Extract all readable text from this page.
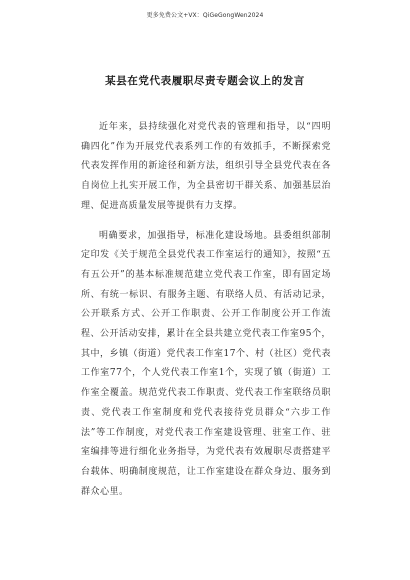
更多免费公文+VX：QiGeGongWen2024
某县在党代表履职尽责专题会议上的发言

近年来，县持续强化对党代表的管理和指导，以“四明确四化”作为开展党代表系列工作的有效抓手，不断探索党代表发挥作用的新途径和新方法，组织引导全县党代表在各自岗位上扎实开展工作，为全县密切干群关系、加强基层治理、促进高质量发展等提供有力支撑。

明确要求，加强指导，标准化建设场地。县委组织部制定印发《关于规范全县党代表工作室运行的通知》，按照“五有五公开”的基本标准规范建立党代表工作室，即有固定场所、有统一标识、有服务主题、有联络人员、有活动记录，公开联系方式、公开工作职责、公开工作制度公开工作流程、公开活动安排，累计在全县共建立党代表工作室95个，其中，乡镇（街道）党代表工作室17个、村（社区）党代表工作室77个，个人党代表工作室1个，实现了镇（街道）工作室全覆盖。规范党代表工作职责、党代表工作室联络员职责、党代表工作室制度和党代表接待党员群众“六步工作法”等工作制度，对党代表工作室建设管理、驻室工作、驻室编排等进行细化业务指导，为党代表有效履职尽责搭建平台载体、明确制度规范，让工作室建设在群众身边、服务到群众心里。
